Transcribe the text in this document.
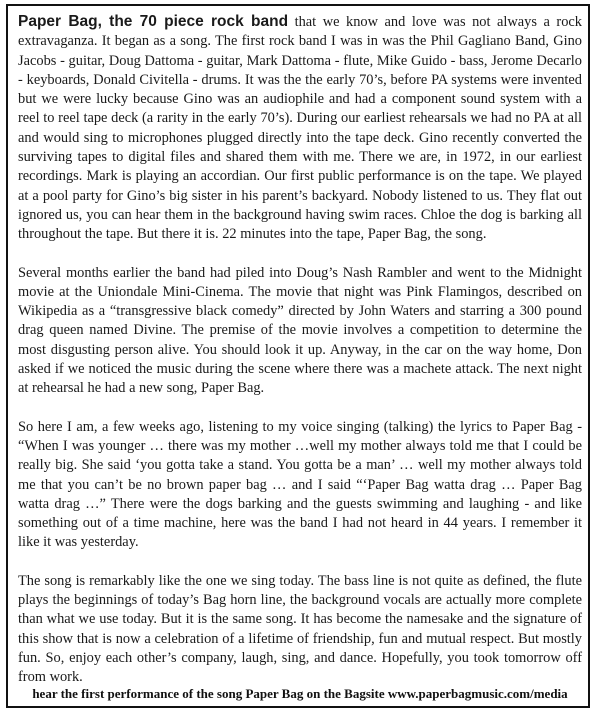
Paper Bag, the 70 piece rock band that we know and love was not always a rock extravaganza. It began as a song. The first rock band I was in was the Phil Gagliano Band, Gino Jacobs - guitar, Doug Dattoma - guitar, Mark Dattoma - flute, Mike Guido - bass, Jerome Decarlo - keyboards, Donald Civitella - drums. It was the the early 70’s, before PA systems were invented but we were lucky because Gino was an audiophile and had a component sound system with a reel to reel tape deck (a rarity in the early 70’s). During our earliest rehearsals we had no PA at all and would sing to microphones plugged directly into the tape deck. Gino recently converted the surviving tapes to digital files and shared them with me. There we are, in 1972, in our earliest recordings. Mark is playing an accordian. Our first public performance is on the tape. We played at a pool party for Gino’s big sister in his parent’s backyard. Nobody listened to us. They flat out ignored us, you can hear them in the background having swim races. Chloe the dog is barking all throughout the tape. But there it is. 22 minutes into the tape, Paper Bag, the song.

Several months earlier the band had piled into Doug’s Nash Rambler and went to the Midnight movie at the Uniondale Mini-Cinema. The movie that night was Pink Flamingos, described on Wikipedia as a “transgressive black comedy” directed by John Waters and starring a 300 pound drag queen named Divine. The premise of the movie involves a competition to determine the most disgusting person alive. You should look it up. Anyway, in the car on the way home, Don asked if we noticed the music during the scene where there was a machete attack. The next night at rehearsal he had a new song, Paper Bag.

So here I am, a few weeks ago, listening to my voice singing (talking) the lyrics to Paper Bag - “When I was younger … there was my mother …well my mother always told me that I could be really big. She said ‘you gotta take a stand. You gotta be a man’ … well my mother always told me that you can’t be no brown paper bag … and I said “‘Paper Bag watta drag … Paper Bag watta drag …” There were the dogs barking and the guests swimming and laughing - and like something out of a time machine, here was the band I had not heard in 44 years. I remember it like it was yesterday.

The song is remarkably like the one we sing today. The bass line is not quite as defined, the flute plays the beginnings of today’s Bag horn line, the background vocals are actually more complete than what we use today. But it is the same song. It has become the namesake and the signature of this show that is now a celebration of a lifetime of friendship, fun and mutual respect. But mostly fun. So, enjoy each other’s company, laugh, sing, and dance. Hopefully, you took tomorrow off from work.

hear the first performance of the song Paper Bag on the Bagsite www.paperbagmusic.com/media
